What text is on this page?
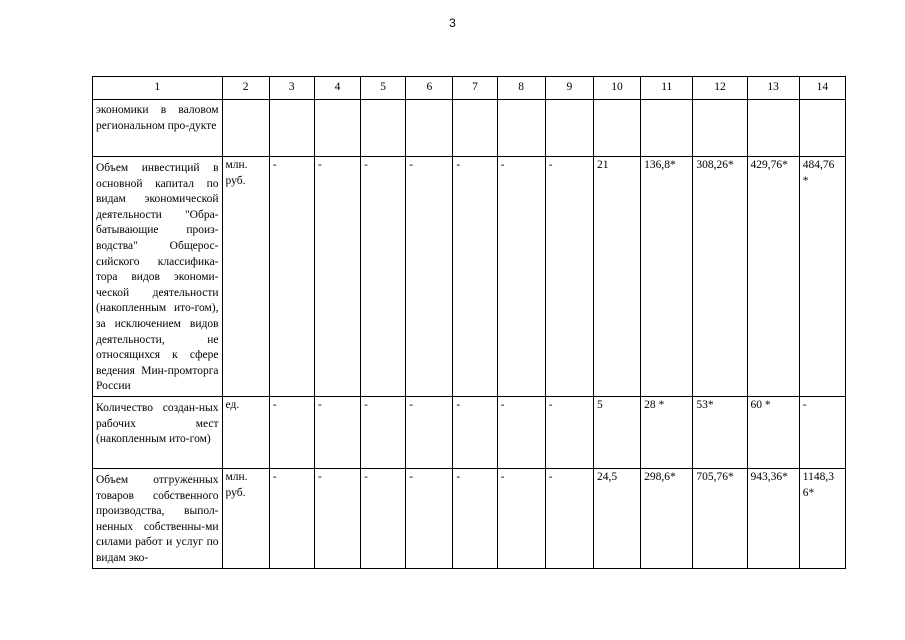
3
1	2	3	4	5	6	7	8	9	10	11	12	13	14
экономики в валовом региональном про-дукте													
Объем инвестиций в основной капитал по видам экономической деятельности "Обра-батывающие произ-водства" Общерос-сийского классифика-тора видов экономи-ческой деятельности (накопленным ито-гом), за исключением видов деятельности, не относящихся к сфере ведения Мин-промторга России	млн. руб.	-	-	-	-	-	-	-	21	136,8*	308,26*	429,76*	484,76 *
Количество создан-ных рабочих мест (накопленным ито-гом)	ед.	-	-	-	-	-	-	-	5	28 *	53*	60 *	-
Объем отгруженных товаров собственного производства, выпол-ненных собственны-ми силами работ и услуг по видам эко-	млн. руб.	-	-	-	-	-	-	-	24,5	298,6*	705,76*	943,36*	1148,3 6*
